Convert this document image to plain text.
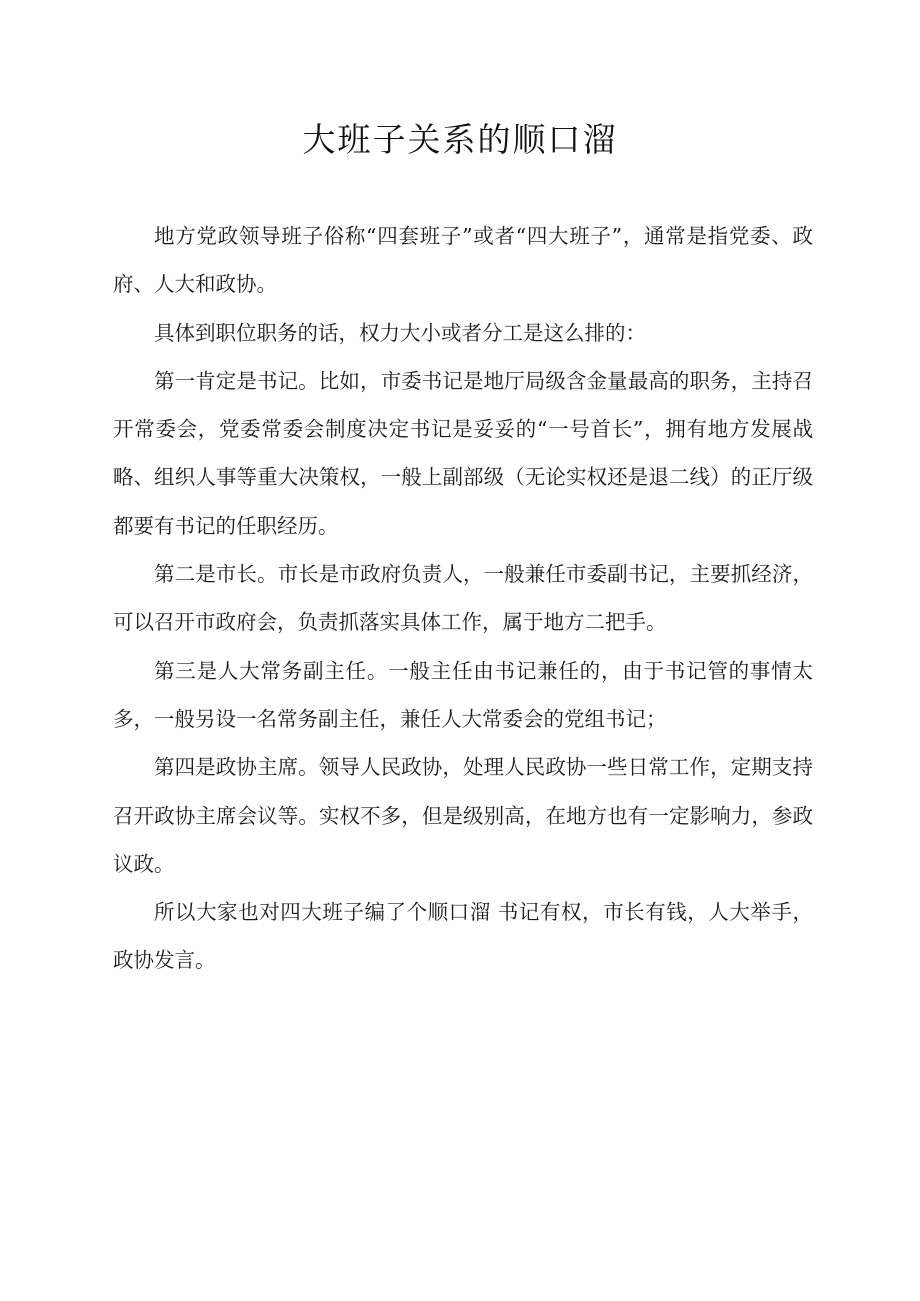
大班子关系的顺口溜

地方党政领导班子俗称“四套班子”或者“四大班子”，通常是指党委、政府、人大和政协。

具体到职位职务的话，权力大小或者分工是这么排的：

第一肯定是书记。比如，市委书记是地厅局级含金量最高的职务，主持召开常委会，党委常委会制度决定书记是妥妥的“一号首长”，拥有地方发展战略、组织人事等重大决策权，一般上副部级（无论实权还是退二线）的正厅级都要有书记的任职经历。

第二是市长。市长是市政府负责人，一般兼任市委副书记，主要抓经济，可以召开市政府会，负责抓落实具体工作，属于地方二把手。

第三是人大常务副主任。一般主任由书记兼任的，由于书记管的事情太多，一般另设一名常务副主任，兼任人大常委会的党组书记；

第四是政协主席。领导人民政协，处理人民政协一些日常工作，定期支持召开政协主席会议等。实权不多，但是级别高，在地方也有一定影响力，参政议政。

所以大家也对四大班子编了个顺口溜 书记有权，市长有钱，人大举手，政协发言。
